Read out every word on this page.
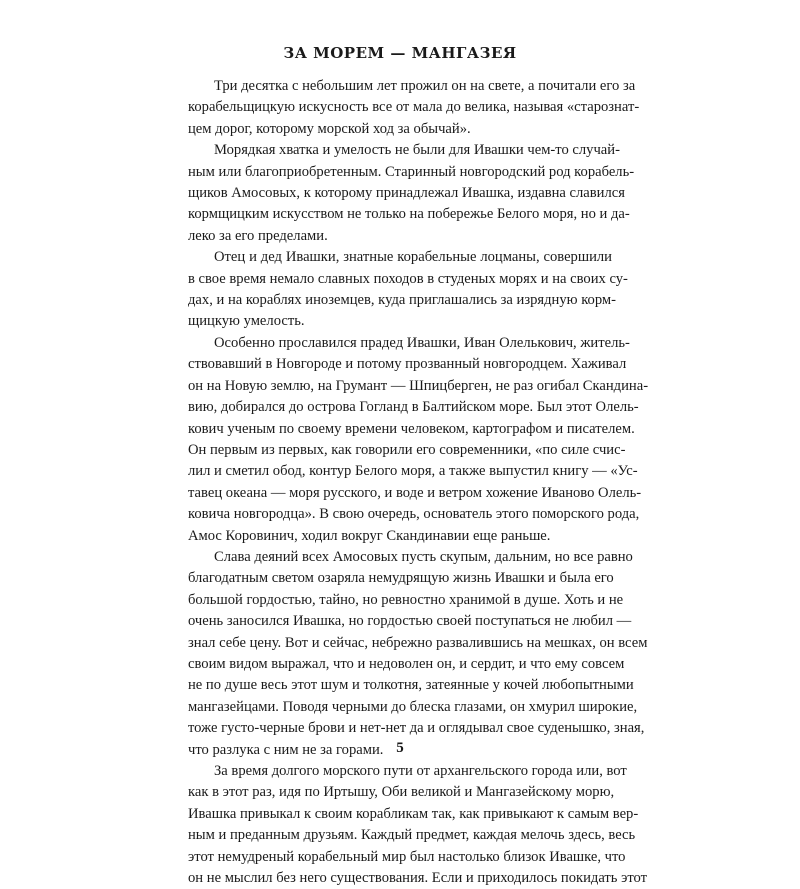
ЗА МОРЕМ — МАНГАЗЕЯ

Три десятка с небольшим лет прожил он на свете, а почитали его за
корабельщицкую искусность все от мала до велика, называя «старознат-
цем дорог, которому морской ход за обычай».

Морядкая хватка и умелость не были для Ивашки чем-то случай-
ным или благоприобретенным. Старинный новгородский род корабель-
щиков Амосовых, к которому принадлежал Ивашка, издавна славился
кормщицким искусством не только на побережье Белого моря, но и да-
леко за его пределами.

Отец и дед Ивашки, знатные корабельные лоцманы, совершили
в свое время немало славных походов в студеных морях и на своих су-
дах, и на кораблях иноземцев, куда приглашались за изрядную корм-
щицкую умелость.

Особенно прославился прадед Ивашки, Иван Олелькович, житель-
ствовавший в Новгороде и потому прозванный новгородцем. Хаживал
он на Новую землю, на Грумант — Шпицберген, не раз огибал Скандина-
вию, добирался до острова Гогланд в Балтийском море. Был этот Олель-
кович ученым по своему времени человеком, картографом и писателем.
Он первым из первых, как говорили его современники, «по силе счис-
лил и сметил обод, контур Белого моря, а также выпустил книгу — «Ус-
тавец океана — моря русского, и воде и ветром хожение Иваново Олель-
ковича новгородца». В свою очередь, основатель этого поморского рода,
Амос Коровинич, ходил вокруг Скандинавии еще раньше.

Слава деяний всех Амосовых пусть скупым, дальним, но все равно
благодатным светом озаряла немудрящую жизнь Ивашки и была его
большой гордостью, тайно, но ревностно хранимой в душе. Хоть и не
очень заносился Ивашка, но гордостью своей поступаться не любил —
знал себе цену. Вот и сейчас, небрежно развалившись на мешках, он всем
своим видом выражал, что и недоволен он, и сердит, и что ему совсем
не по душе весь этот шум и толкотня, затеянные у кочей любопытными
мангазейцами. Поводя черными до блеска глазами, он хмурил широкие,
тоже густо-черные брови и нет-нет да и оглядывал свое суденышко, зная,
что разлука с ним не за горами.

За время долгого морского пути от архангельского города или, вот
как в этот раз, идя по Иртышу, Оби великой и Мангазейскому морю,
Ивашка привыкал к своим корабликам так, как привыкают к самым вер-
ным и преданным друзьям. Каждый предмет, каждая мелочь здесь, весь
этот немудреный корабельный мир был настолько близок Ивашке, что
он не мыслил без него существования. Если и приходилось покидать этот

5
